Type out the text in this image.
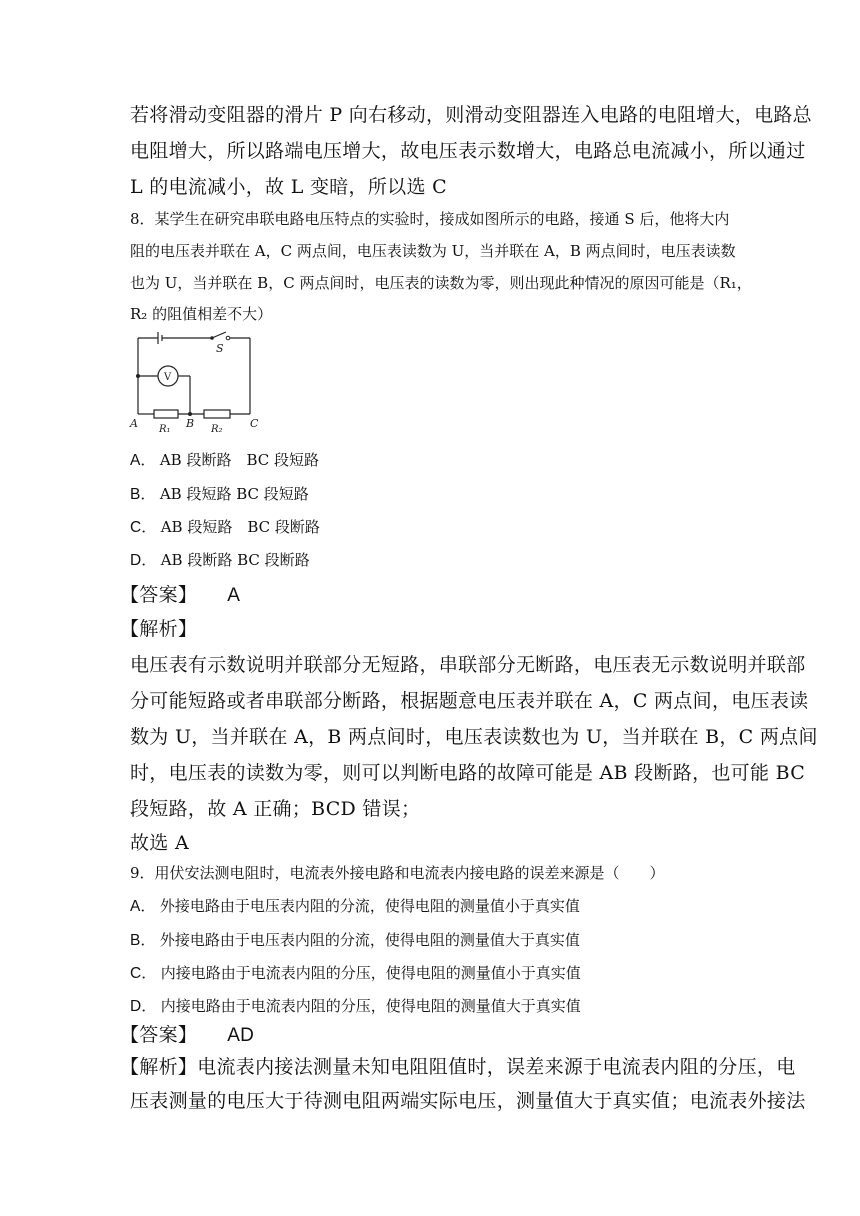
若将滑动变阻器的滑片 P 向右移动，则滑动变阻器连入电路的电阻增大，电路总
电阻增大，所以路端电压增大，故电压表示数增大，电路总电流减小，所以通过
L 的电流减小，故 L 变暗，所以选 C
8．某学生在研究串联电路电压特点的实验时，接成如图所示的电路，接通 S 后，他将大内
阻的电压表并联在 A，C 两点间，电压表读数为 U，当并联在 A，B 两点间时，电压表读数
也为 U，当并联在 B，C 两点间时，电压表的读数为零，则出现此种情况的原因可能是（R₁，
R₂ 的阻值相差不大）
S
V
A	B	C
R₁	R₂
A． AB 段断路　BC 段短路
B． AB 段短路 BC 段短路
C． AB 段短路　BC 段断路
D． AB 段断路 BC 段断路
【答案】 A
【解析】
电压表有示数说明并联部分无短路，串联部分无断路，电压表无示数说明并联部
分可能短路或者串联部分断路，根据题意电压表并联在 A，C 两点间，电压表读
数为 U，当并联在 A，B 两点间时，电压表读数也为 U，当并联在 B，C 两点间
时，电压表的读数为零，则可以判断电路的故障可能是 AB 段断路，也可能 BC
段短路，故 A 正确；BCD 错误；
故选 A
9．用伏安法测电阻时，电流表外接电路和电流表内接电路的误差来源是（　　）
A． 外接电路由于电压表内阻的分流，使得电阻的测量值小于真实值
B． 外接电路由于电压表内阻的分流，使得电阻的测量值大于真实值
C． 内接电路由于电流表内阻的分压，使得电阻的测量值小于真实值
D． 内接电路由于电流表内阻的分压，使得电阻的测量值大于真实值
【答案】 AD
【解析】电流表内接法测量未知电阻阻值时，误差来源于电流表内阻的分压，电
压表测量的电压大于待测电阻两端实际电压，测量值大于真实值；电流表外接法
